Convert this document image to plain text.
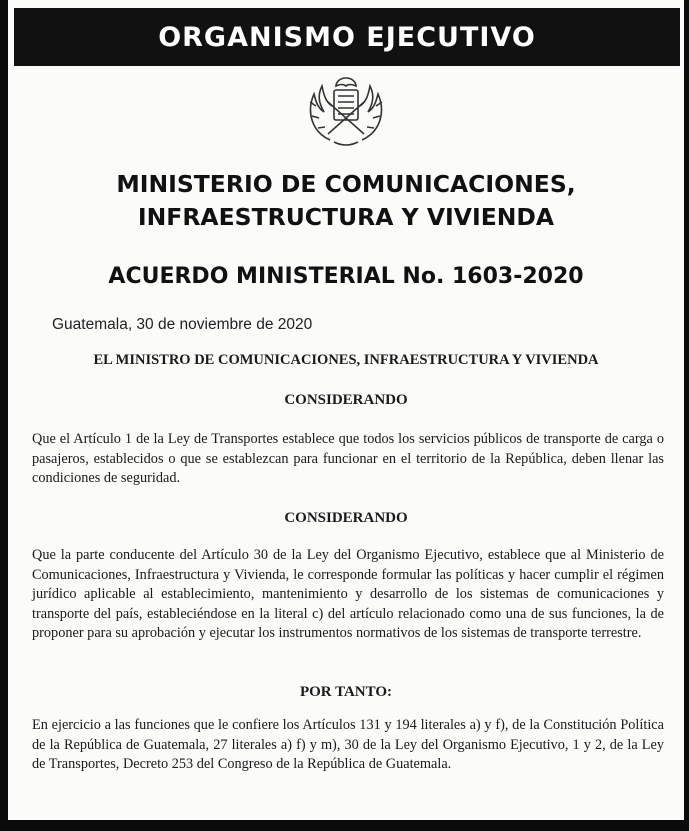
ORGANISMO EJECUTIVO
MINISTERIO DE COMUNICACIONES,
INFRAESTRUCTURA Y VIVIENDA
ACUERDO MINISTERIAL No. 1603-2020
Guatemala, 30 de noviembre de 2020
EL MINISTRO DE COMUNICACIONES, INFRAESTRUCTURA Y VIVIENDA
CONSIDERANDO
Que el Artículo 1 de la Ley de Transportes establece que todos los servicios públicos de transporte de carga o pasajeros, establecidos o que se establezcan para funcionar en el territorio de la República, deben llenar las condiciones de seguridad.
CONSIDERANDO
Que la parte conducente del Artículo 30 de la Ley del Organismo Ejecutivo, establece que al Ministerio de Comunicaciones, Infraestructura y Vivienda, le corresponde formular las políticas y hacer cumplir el régimen jurídico aplicable al establecimiento, mantenimiento y desarrollo de los sistemas de comunicaciones y transporte del país, estableciéndose en la literal c) del artículo relacionado como una de sus funciones, la de proponer para su aprobación y ejecutar los instrumentos normativos de los sistemas de transporte terrestre.
POR TANTO:
En ejercicio a las funciones que le confiere los Artículos 131 y 194 literales a) y f), de la Constitución Política de la República de Guatemala, 27 literales a) f) y m), 30 de la Ley del Organismo Ejecutivo, 1 y 2, de la Ley de Transportes, Decreto 253 del Congreso de la República de Guatemala.
